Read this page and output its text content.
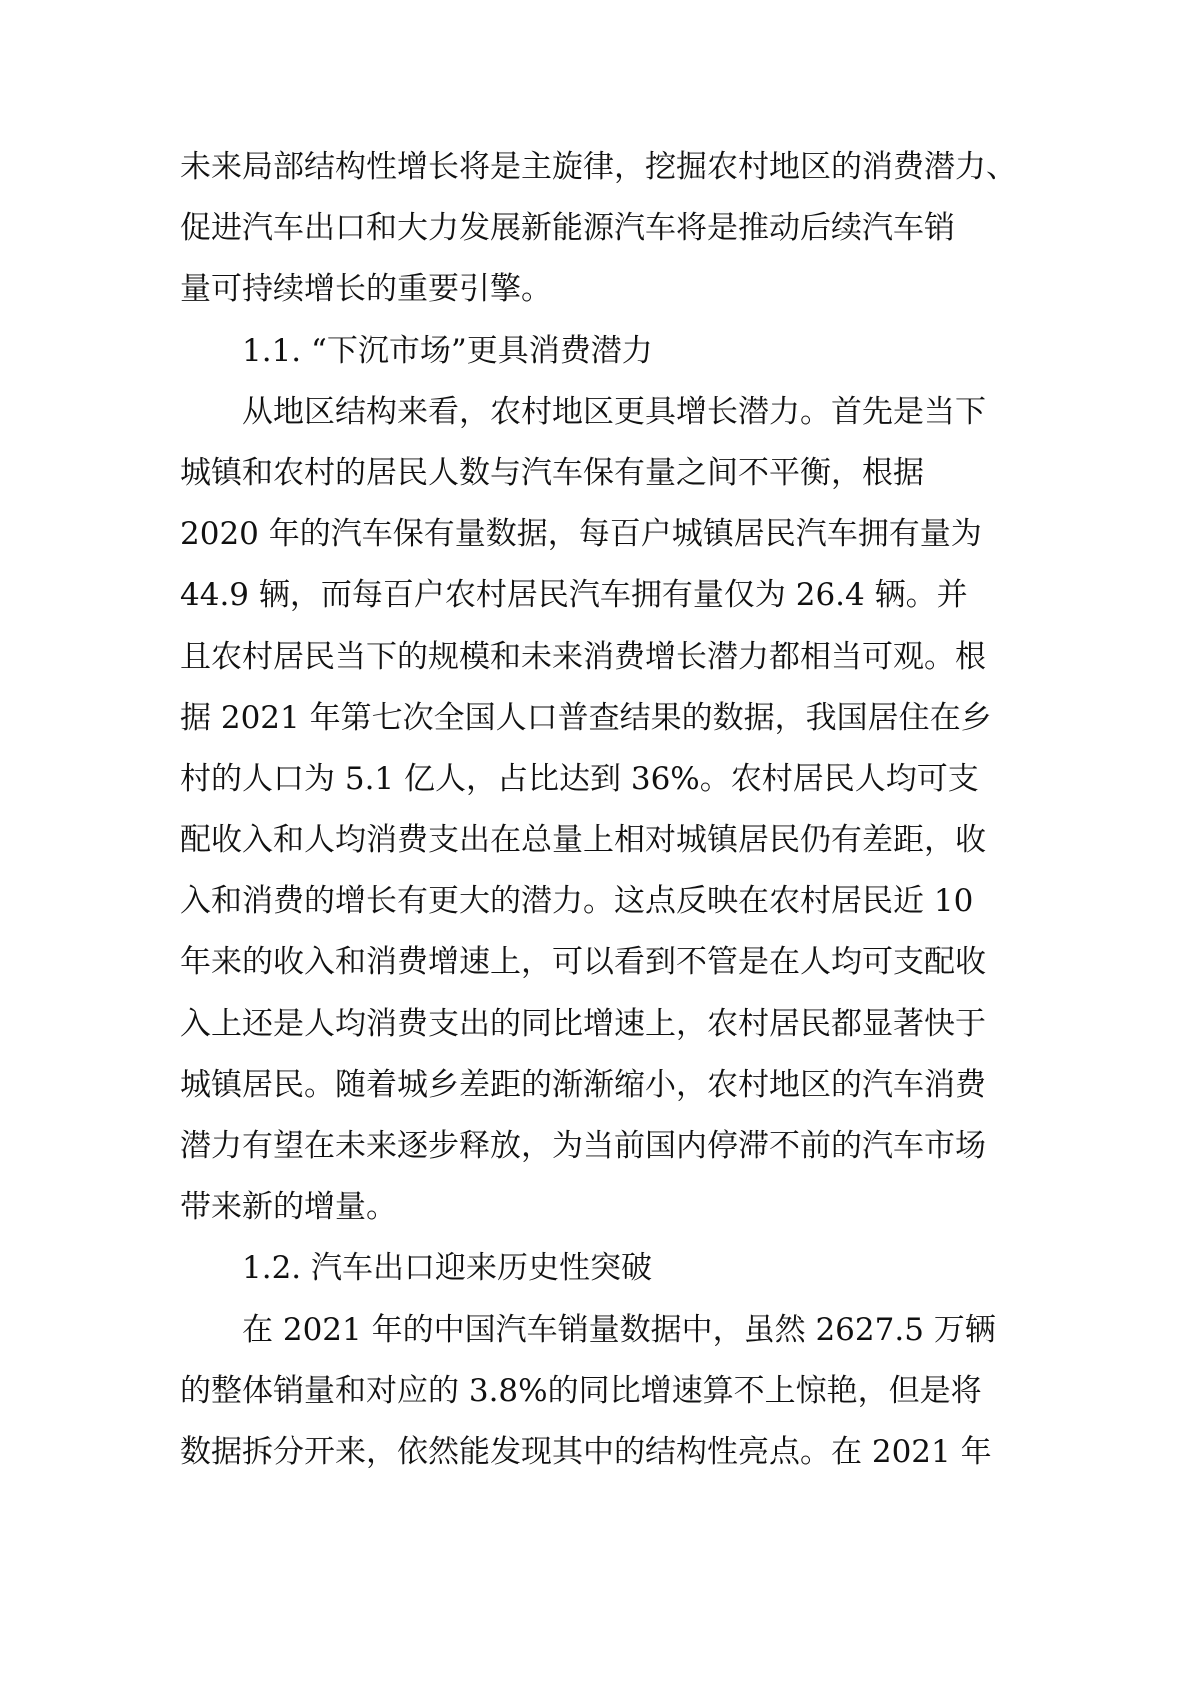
未来局部结构性增长将是主旋律，挖掘农村地区的消费潜力、
促进汽车出口和大力发展新能源汽车将是推动后续汽车销
量可持续增长的重要引擎。
1.1. “下沉市场”更具消费潜力
从地区结构来看，农村地区更具增长潜力。首先是当下
城镇和农村的居民人数与汽车保有量之间不平衡，根据
2020 年的汽车保有量数据，每百户城镇居民汽车拥有量为
44.9 辆，而每百户农村居民汽车拥有量仅为 26.4 辆。并
且农村居民当下的规模和未来消费增长潜力都相当可观。根
据 2021 年第七次全国人口普查结果的数据，我国居住在乡
村的人口为 5.1 亿人，占比达到 36%。农村居民人均可支
配收入和人均消费支出在总量上相对城镇居民仍有差距，收
入和消费的增长有更大的潜力。这点反映在农村居民近 10
年来的收入和消费增速上，可以看到不管是在人均可支配收
入上还是人均消费支出的同比增速上，农村居民都显著快于
城镇居民。随着城乡差距的渐渐缩小，农村地区的汽车消费
潜力有望在未来逐步释放，为当前国内停滞不前的汽车市场
带来新的增量。
1.2. 汽车出口迎来历史性突破
在 2021 年的中国汽车销量数据中，虽然 2627.5 万辆
的整体销量和对应的 3.8%的同比增速算不上惊艳，但是将
数据拆分开来，依然能发现其中的结构性亮点。在 2021 年
